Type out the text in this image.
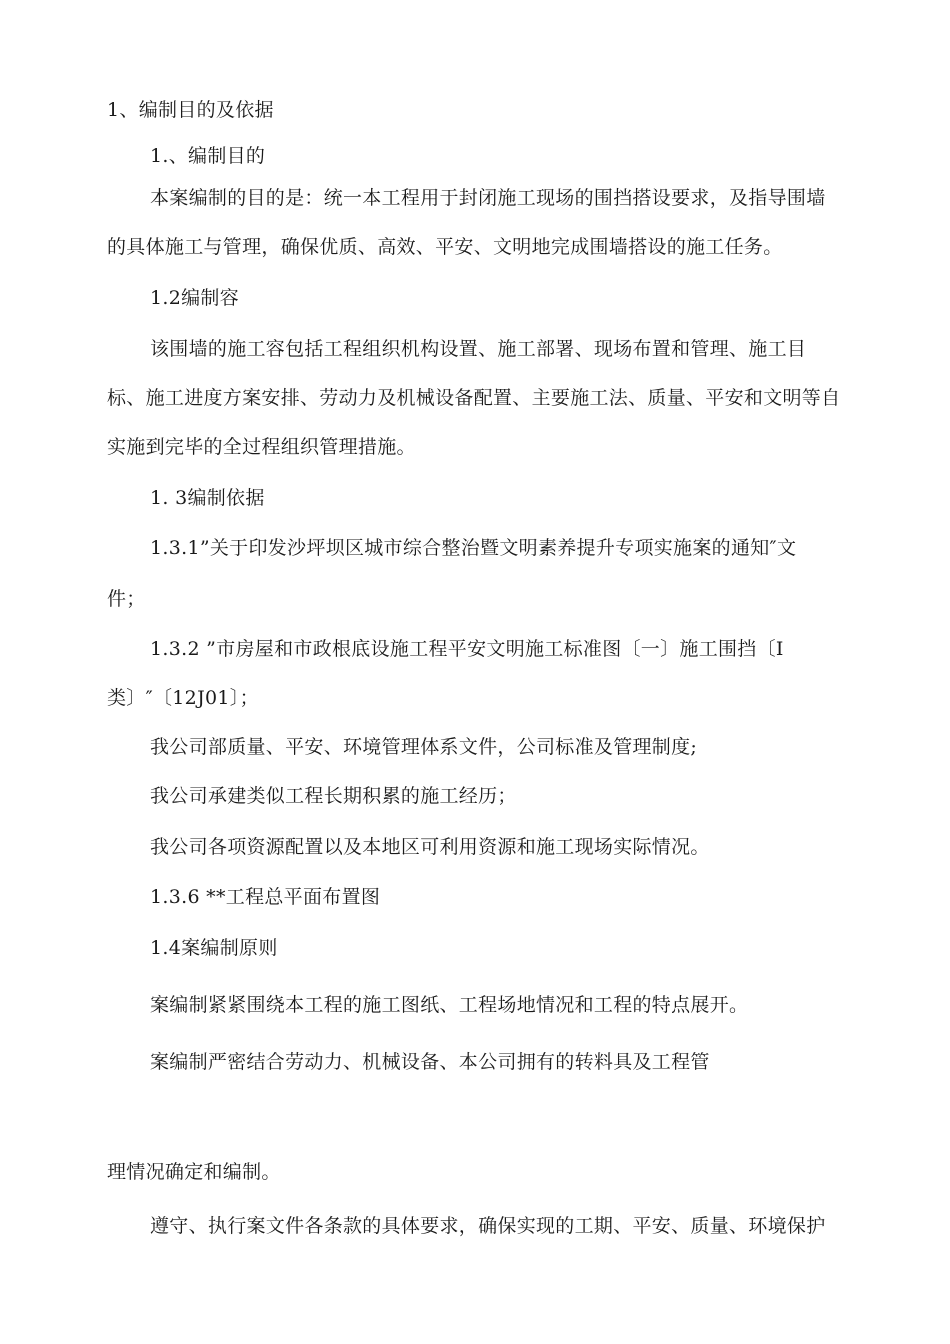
1、编制目的及依据
1.、编制目的
本案编制的目的是：统一本工程用于封闭施工现场的围挡搭设要求，及指导围墙
的具体施工与管理，确保优质、高效、平安、文明地完成围墙搭设的施工任务。
1.2编制容
该围墙的施工容包括工程组织机构设置、施工部署、现场布置和管理、施工目
标、施工进度方案安排、劳动力及机械设备配置、主要施工法、质量、平安和文明等自
实施到完毕的全过程组织管理措施。
1. 3编制依据
1.3.1”关于印发沙坪坝区城市综合整治暨文明素养提升专项实施案的通知″文
件；
1.3.2 ”市房屋和市政根底设施工程平安文明施工标准图〔一〕施工围挡〔I
类〕″〔12J01〕；
我公司部质量、平安、环境管理体系文件，公司标准及管理制度;
我公司承建类似工程长期积累的施工经历；
我公司各项资源配置以及本地区可利用资源和施工现场实际情况。
1.3.6 **工程总平面布置图
1.4案编制原则
案编制紧紧围绕本工程的施工图纸、工程场地情况和工程的特点展开。
案编制严密结合劳动力、机械设备、本公司拥有的转料具及工程管
理情况确定和编制。
遵守、执行案文件各条款的具体要求，确保实现的工期、平安、质量、环境保护
